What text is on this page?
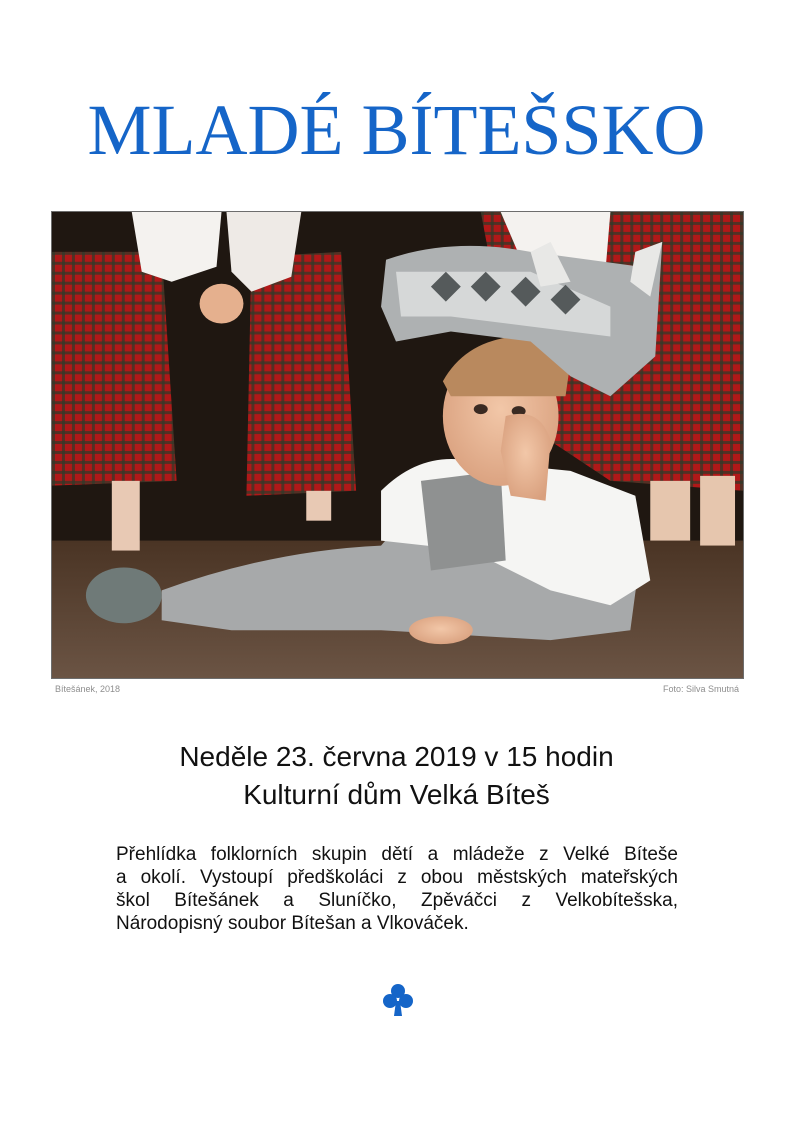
MLADÉ BÍTEŠSKO
Bítešánek, 2018	Foto: Silva Smutná
Neděle 23. června 2019 v 15 hodin
Kulturní dům Velká Bíteš
Přehlídka folklorních skupin dětí a mládeže z Velké Bíteše
a okolí. Vystoupí předškoláci z obou městských mateřských
škol Bítešánek a Sluníčko, Zpěváčci z Velkobítešska,
Národopisný soubor Bítešan a Vlkováček.
